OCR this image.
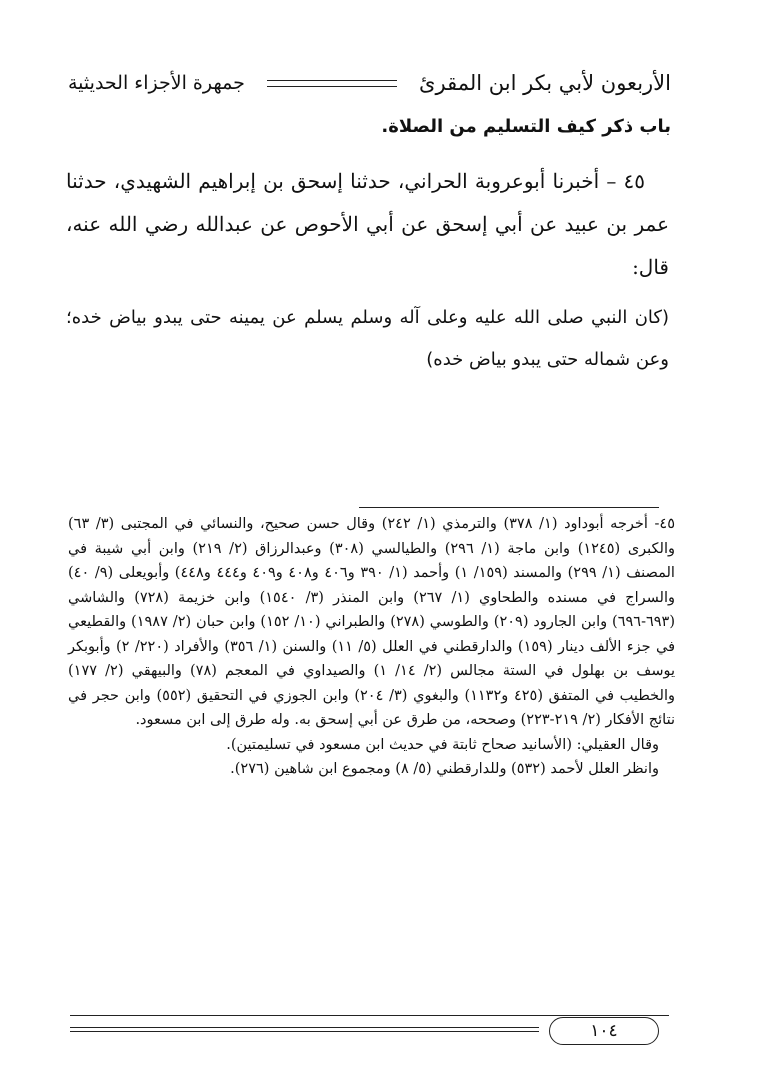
الأربعون لأبي بكر ابن المقرئ
جمهرة الأجزاء الحديثية
باب ذكر كيف التسليم من الصلاة.

٤٥ – أخبرنا أبوعروبة الحراني، حدثنا إسحق بن إبراهيم الشهيدي، حدثنا عمر بن عبيد عن أبي إسحق عن أبي الأحوص عن عبدالله رضي الله عنه، قال:

(كان النبي صلى الله عليه وعلى آله وسلم يسلم عن يمينه حتى يبدو بياض خده؛ وعن شماله حتى يبدو بياض خده)

٤٥- أخرجه أبوداود (١/ ٣٧٨) والترمذي (١/ ٢٤٢) وقال حسن صحيح، والنسائي في المجتبى (٣/ ٦٣) والكبرى (١٢٤٥) وابن ماجة (١/ ٢٩٦) والطيالسي (٣٠٨) وعبدالرزاق (٢/ ٢١٩) وابن أبي شيبة في المصنف (١/ ٢٩٩) والمسند (١٥٩/ ١) وأحمد (١/ ٣٩٠ و٤٠٦ و٤٠٨ و٤٠٩ و٤٤٤ و٤٤٨) وأبويعلى (٩/ ٤٠) والسراج في مسنده والطحاوي (١/ ٢٦٧) وابن المنذر (٣/ ١٥٤٠) وابن خزيمة (٧٢٨) والشاشي (٦٩٣-٦٩٦) وابن الجارود (٢٠٩) والطوسي (٢٧٨) والطبراني (١٠/ ١٥٢) وابن حبان (٢/ ١٩٨٧) والقطيعي في جزء الألف دينار (١٥٩) والدارقطني في العلل (٥/ ١١) والسنن (١/ ٣٥٦) والأفراد (٢٢٠/ ٢) وأبوبكر يوسف بن بهلول في الستة مجالس (٢/ ١٤/ ١) والصيداوي في المعجم (٧٨) والبيهقي (٢/ ١٧٧) والخطيب في المتفق (٤٢٥ و١١٣٢) والبغوي (٣/ ٢٠٤) وابن الجوزي في التحقيق (٥٥٢) وابن حجر في نتائج الأفكار (٢/ ٢١٩-٢٢٣) وصححه، من طرق عن أبي إسحق به. وله طرق إلى ابن مسعود.

وقال العقيلي: (الأسانيد صحاح ثابتة في حديث ابن مسعود في تسليمتين).

وانظر العلل لأحمد (٥٣٢) وللدارقطني (٥/ ٨) ومجموع ابن شاهين (٢٧٦).

١٠٤
